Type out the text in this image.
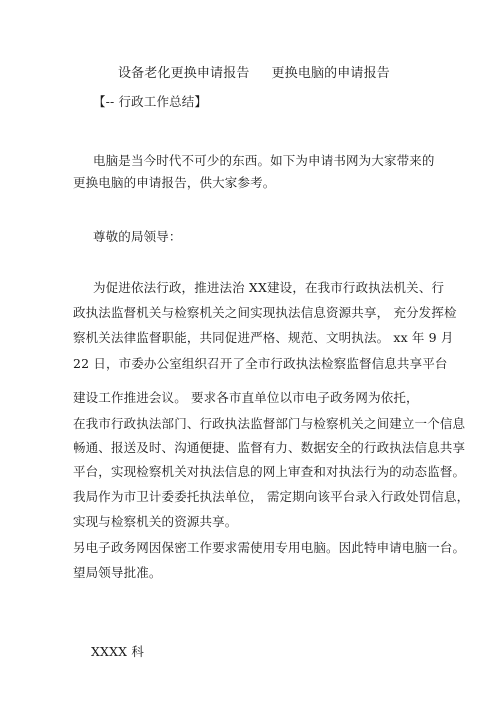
设备老化更换申请报告 更换电脑的申请报告
【-- 行政工作总结】
电脑是当今时代不可少的东西。如下为申请书网为大家带来的
更换电脑的申请报告，供大家参考。
尊敬的局领导：
为促进依法行政，推进法治 XX建设，在我市行政执法机关、行
政执法监督机关与检察机关之间实现执法信息资源共享， 充分发挥检
察机关法律监督职能，共同促进严格、规范、文明执法。 xx 年 9 月
22 日，市委办公室组织召开了全市行政执法检察监督信息共享平台
建设工作推进会议。 要求各市直单位以市电子政务网为依托，
在我市行政执法部门、行政执法监督部门与检察机关之间建立一个信息
畅通、报送及时、沟通便捷、监督有力、数据安全的行政执法信息共享
平台，实现检察机关对执法信息的网上审查和对执法行为的动态监督。
我局作为市卫计委委托执法单位， 需定期向该平台录入行政处罚信息，
实现与检察机关的资源共享。
另电子政务网因保密工作要求需使用专用电脑。因此特申请电脑一台。
望局领导批准。
XXXX 科
